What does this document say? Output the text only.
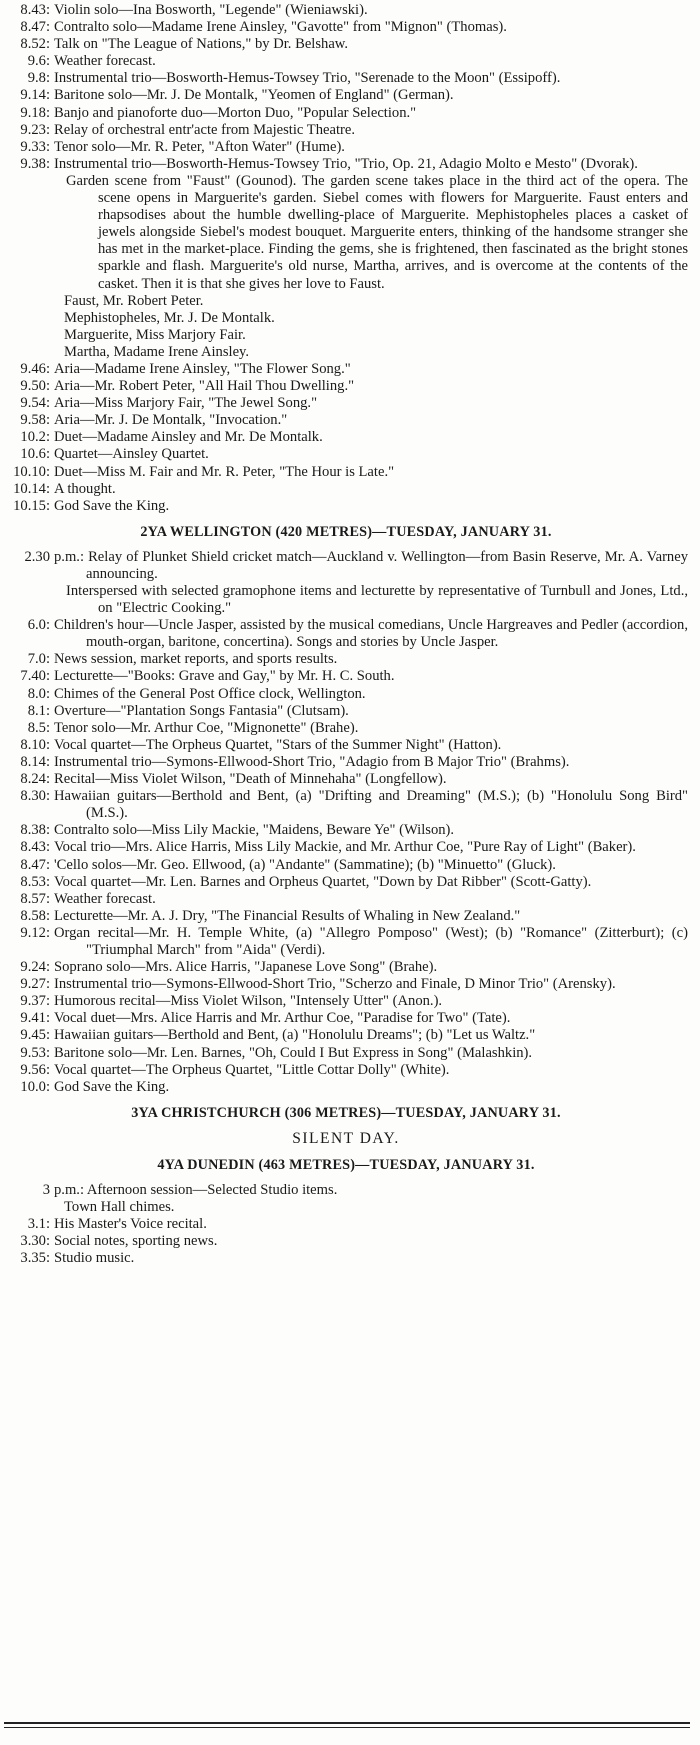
8.43: Violin solo—Ina Bosworth, "Legende" (Wieniawski).
8.47: Contralto solo—Madame Irene Ainsley, "Gavotte" from "Mignon" (Thomas).
8.52: Talk on "The League of Nations," by Dr. Belshaw.
9.6: Weather forecast.
9.8: Instrumental trio—Bosworth-Hemus-Towsey Trio, "Serenade to the Moon" (Essipoff).
9.14: Baritone solo—Mr. J. De Montalk, "Yeomen of England" (German).
9.18: Banjo and pianoforte duo—Morton Duo, "Popular Selection."
9.23: Relay of orchestral entr'acte from Majestic Theatre.
9.33: Tenor solo—Mr. R. Peter, "Afton Water" (Hume).
9.38: Instrumental trio—Bosworth-Hemus-Towsey Trio, "Trio, Op. 21, Adagio Molto e Mesto" (Dvorak).
Garden scene from "Faust" (Gounod). The garden scene takes place in the third act of the opera. The scene opens in Marguerite's garden. Siebel comes with flowers for Marguerite. Faust enters and rhapsodises about the humble dwelling-place of Marguerite. Mephistopheles places a casket of jewels alongside Siebel's modest bouquet. Marguerite enters, thinking of the handsome stranger she has met in the market-place. Finding the gems, she is frightened, then fascinated as the bright stones sparkle and flash. Marguerite's old nurse, Martha, arrives, and is overcome at the contents of the casket. Then it is that she gives her love to Faust.
Faust, Mr. Robert Peter.
Mephistopheles, Mr. J. De Montalk.
Marguerite, Miss Marjory Fair.
Martha, Madame Irene Ainsley.
9.46: Aria—Madame Irene Ainsley, "The Flower Song."
9.50: Aria—Mr. Robert Peter, "All Hail Thou Dwelling."
9.54: Aria—Miss Marjory Fair, "The Jewel Song."
9.58: Aria—Mr. J. De Montalk, "Invocation."
10.2: Duet—Madame Ainsley and Mr. De Montalk.
10.6: Quartet—Ainsley Quartet.
10.10: Duet—Miss M. Fair and Mr. R. Peter, "The Hour is Late."
10.14: A thought.
10.15: God Save the King.
2YA WELLINGTON (420 METRES)—TUESDAY, JANUARY 31.
2.30 p.m.: Relay of Plunket Shield cricket match—Auckland v. Wellington—from Basin Reserve, Mr. A. Varney announcing.
Interspersed with selected gramophone items and lecturette by representative of Turnbull and Jones, Ltd., on "Electric Cooking."
6.0: Children's hour—Uncle Jasper, assisted by the musical comedians, Uncle Hargreaves and Pedler (accordion, mouth-organ, baritone, concertina). Songs and stories by Uncle Jasper.
7.0: News session, market reports, and sports results.
7.40: Lecturette—"Books: Grave and Gay," by Mr. H. C. South.
8.0: Chimes of the General Post Office clock, Wellington.
8.1: Overture—"Plantation Songs Fantasia" (Clutsam).
8.5: Tenor solo—Mr. Arthur Coe, "Mignonette" (Brahe).
8.10: Vocal quartet—The Orpheus Quartet, "Stars of the Summer Night" (Hatton).
8.14: Instrumental trio—Symons-Ellwood-Short Trio, "Adagio from B Major Trio" (Brahms).
8.24: Recital—Miss Violet Wilson, "Death of Minnehaha" (Longfellow).
8.30: Hawaiian guitars—Berthold and Bent, (a) "Drifting and Dreaming" (M.S.); (b) "Honolulu Song Bird" (M.S.).
8.38: Contralto solo—Miss Lily Mackie, "Maidens, Beware Ye" (Wilson).
8.43: Vocal trio—Mrs. Alice Harris, Miss Lily Mackie, and Mr. Arthur Coe, "Pure Ray of Light" (Baker).
8.47: 'Cello solos—Mr. Geo. Ellwood, (a) "Andante" (Sammatine); (b) "Minuetto" (Gluck).
8.53: Vocal quartet—Mr. Len. Barnes and Orpheus Quartet, "Down by Dat Ribber" (Scott-Gatty).
8.57: Weather forecast.
8.58: Lecturette—Mr. A. J. Dry, "The Financial Results of Whaling in New Zealand."
9.12: Organ recital—Mr. H. Temple White, (a) "Allegro Pomposo" (West); (b) "Romance" (Zitterburt); (c) "Triumphal March" from "Aida" (Verdi).
9.24: Soprano solo—Mrs. Alice Harris, "Japanese Love Song" (Brahe).
9.27: Instrumental trio—Symons-Ellwood-Short Trio, "Scherzo and Finale, D Minor Trio" (Arensky).
9.37: Humorous recital—Miss Violet Wilson, "Intensely Utter" (Anon.).
9.41: Vocal duet—Mrs. Alice Harris and Mr. Arthur Coe, "Paradise for Two" (Tate).
9.45: Hawaiian guitars—Berthold and Bent, (a) "Honolulu Dreams"; (b) "Let us Waltz."
9.53: Baritone solo—Mr. Len. Barnes, "Oh, Could I But Express in Song" (Malashkin).
9.56: Vocal quartet—The Orpheus Quartet, "Little Cottar Dolly" (White).
10.0: God Save the King.
3YA CHRISTCHURCH (306 METRES)—TUESDAY, JANUARY 31.
SILENT DAY.
4YA DUNEDIN (463 METRES)—TUESDAY, JANUARY 31.
3 p.m.: Afternoon session—Selected Studio items.
Town Hall chimes.
3.1: His Master's Voice recital.
3.30: Social notes, sporting news.
3.35: Studio music.
